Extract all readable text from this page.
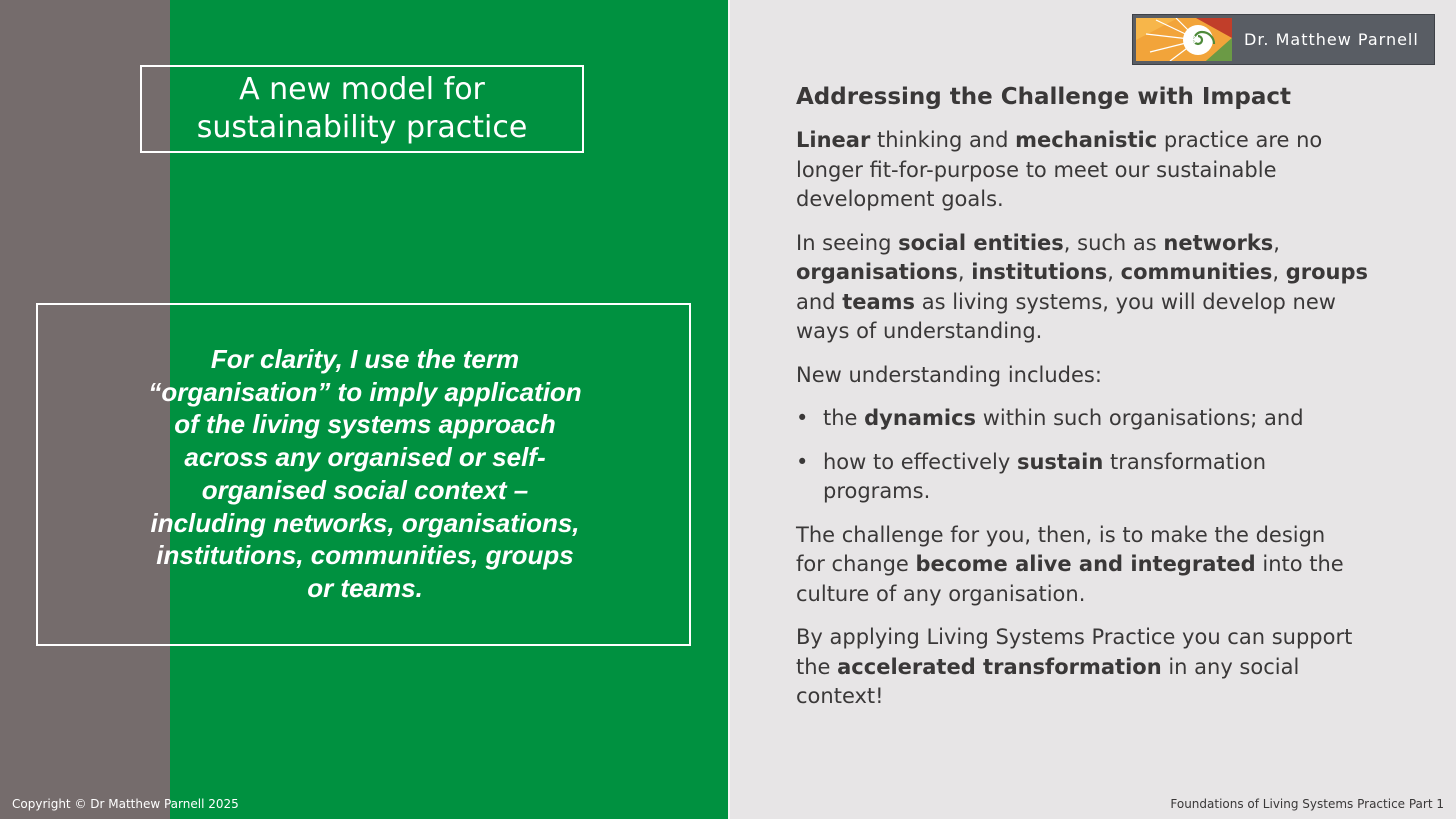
A new model for
sustainability practice
For clarity, I use the term
“organisation” to imply application
of the living systems approach
across any organised or self-
organised social context –
including networks, organisations,
institutions, communities, groups
or teams.
Dr. Matthew Parnell
Addressing the Challenge with Impact

Linear thinking and mechanistic practice are no
longer fit-for-purpose to meet our sustainable
development goals.

In seeing social entities, such as networks,
organisations, institutions, communities, groups
and teams as living systems, you will develop new
ways of understanding.

New understanding includes:

• the dynamics within such organisations; and
• how to effectively sustain transformation
programs.

The challenge for you, then, is to make the design
for change become alive and integrated into the
culture of any organisation.

By applying Living Systems Practice you can support
the accelerated transformation in any social
context!

Copyright © Dr Matthew Parnell 2025	Foundations of Living Systems Practice Part 1
